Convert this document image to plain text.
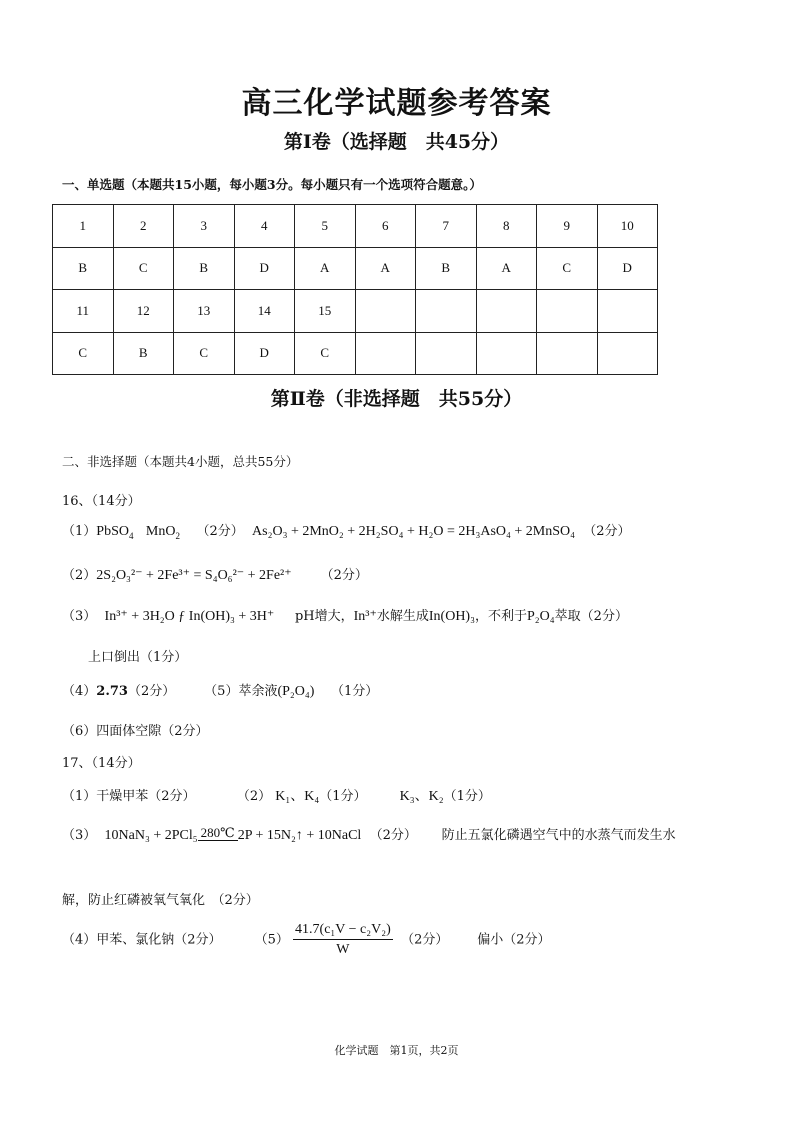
高三化学试题参考答案
第Ⅰ卷（选择题　共45分）
一、单选题（本题共15小题，每小题3分。每小题只有一个选项符合题意。）
1	2	3	4	5	6	7	8	9	10
B	C	B	D	A	A	B	A	C	D
11	12	13	14	15					
C	B	C	D	C					
第Ⅱ卷（非选择题　共55分）
二、非选择题（本题共4小题，总共55分）
16、（14分）
（1）PbSO$_4$ MnO$_2$ （2分） As₂O₃ + 2MnO₂ + 2H₂SO₄ + H₂O = 2H₃AsO₄ + 2MnSO₄ （2分）
（2）2S₂O₃²⁻ + 2Fe³⁺ = S₄O₆²⁻ + 2Fe²⁺ （2分）
（3） In³⁺ + 3H₂O ƒ In(OH)₃ + 3H⁺ pH增大，In³⁺水解生成In(OH)₃，不利于P₂O₄萃取（2分）
上口倒出（1分）
（4）2.73（2分） （5）萃余液(P₂O₄) （1分）
（6）四面体空隙（2分）
17、（14分）
（1）干燥甲苯（2分）	（2） K₁、K₄（1分） K₃、K₂（1分）
（3） 10NaN₃ + 2PCl₅ 280℃ 2P + 15N₂↑ + 10NaCl （2分） 防止五氯化磷遇空气中的水蒸气而发生水
解，防止红磷被氧气氧化　（2分）
（4）甲苯、氯化钠（2分）	$(5) \frac{\text{41.7(c₁V − c₂V₂)}}{W} (2$分） 偏小（2分）
化学试题　第1页，共2页
